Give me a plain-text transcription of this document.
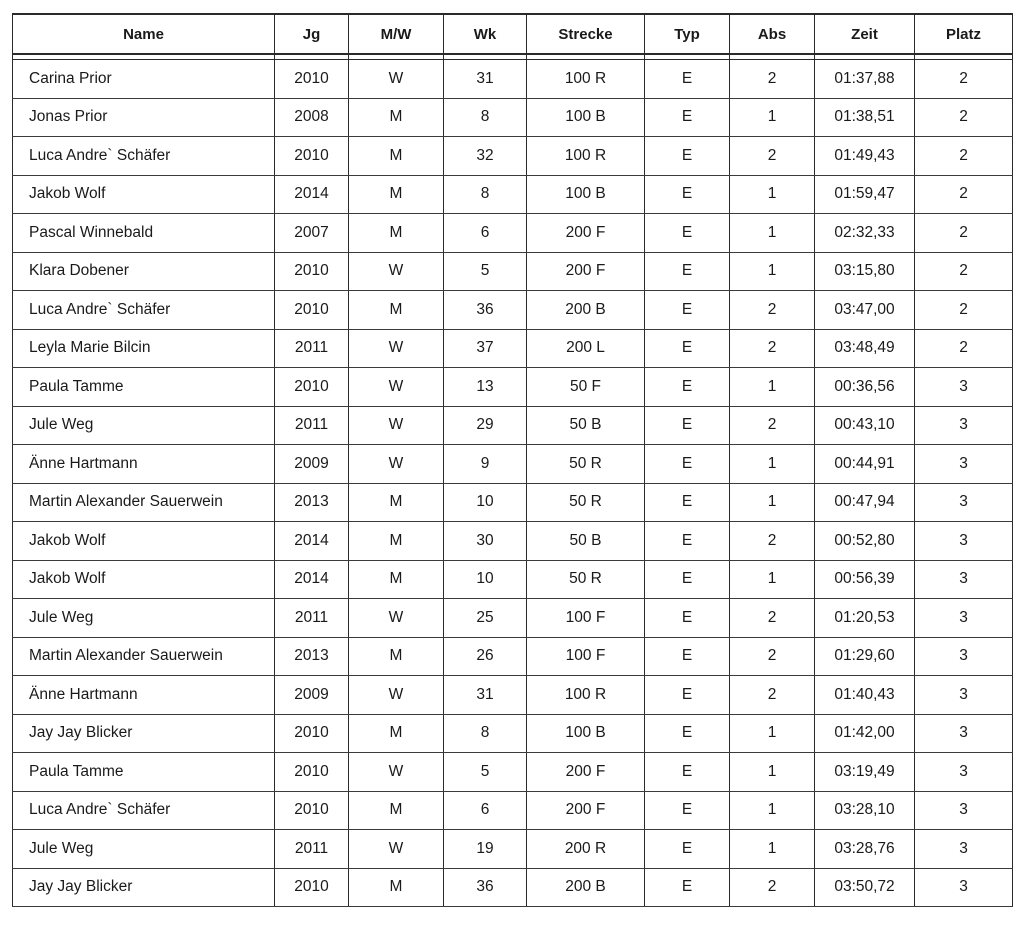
Name	Jg	M/W	Wk	Strecke	Typ	Abs	Zeit	Platz

Carina Prior	2010	W	31	100 R	E	2	01:37,88	2
Jonas Prior	2008	M	8	100 B	E	1	01:38,51	2
Luca Andre` Schäfer	2010	M	32	100 R	E	2	01:49,43	2
Jakob Wolf	2014	M	8	100 B	E	1	01:59,47	2
Pascal Winnebald	2007	M	6	200 F	E	1	02:32,33	2
Klara Dobener	2010	W	5	200 F	E	1	03:15,80	2
Luca Andre` Schäfer	2010	M	36	200 B	E	2	03:47,00	2
Leyla Marie Bilcin	2011	W	37	200 L	E	2	03:48,49	2
Paula Tamme	2010	W	13	50 F	E	1	00:36,56	3
Jule Weg	2011	W	29	50 B	E	2	00:43,10	3
Änne Hartmann	2009	W	9	50 R	E	1	00:44,91	3
Martin Alexander Sauerwein	2013	M	10	50 R	E	1	00:47,94	3
Jakob Wolf	2014	M	30	50 B	E	2	00:52,80	3
Jakob Wolf	2014	M	10	50 R	E	1	00:56,39	3
Jule Weg	2011	W	25	100 F	E	2	01:20,53	3
Martin Alexander Sauerwein	2013	M	26	100 F	E	2	01:29,60	3
Änne Hartmann	2009	W	31	100 R	E	2	01:40,43	3
Jay Jay Blicker	2010	M	8	100 B	E	1	01:42,00	3
Paula Tamme	2010	W	5	200 F	E	1	03:19,49	3
Luca Andre` Schäfer	2010	M	6	200 F	E	1	03:28,10	3
Jule Weg	2011	W	19	200 R	E	1	03:28,76	3
Jay Jay Blicker	2010	M	36	200 B	E	2	03:50,72	3
